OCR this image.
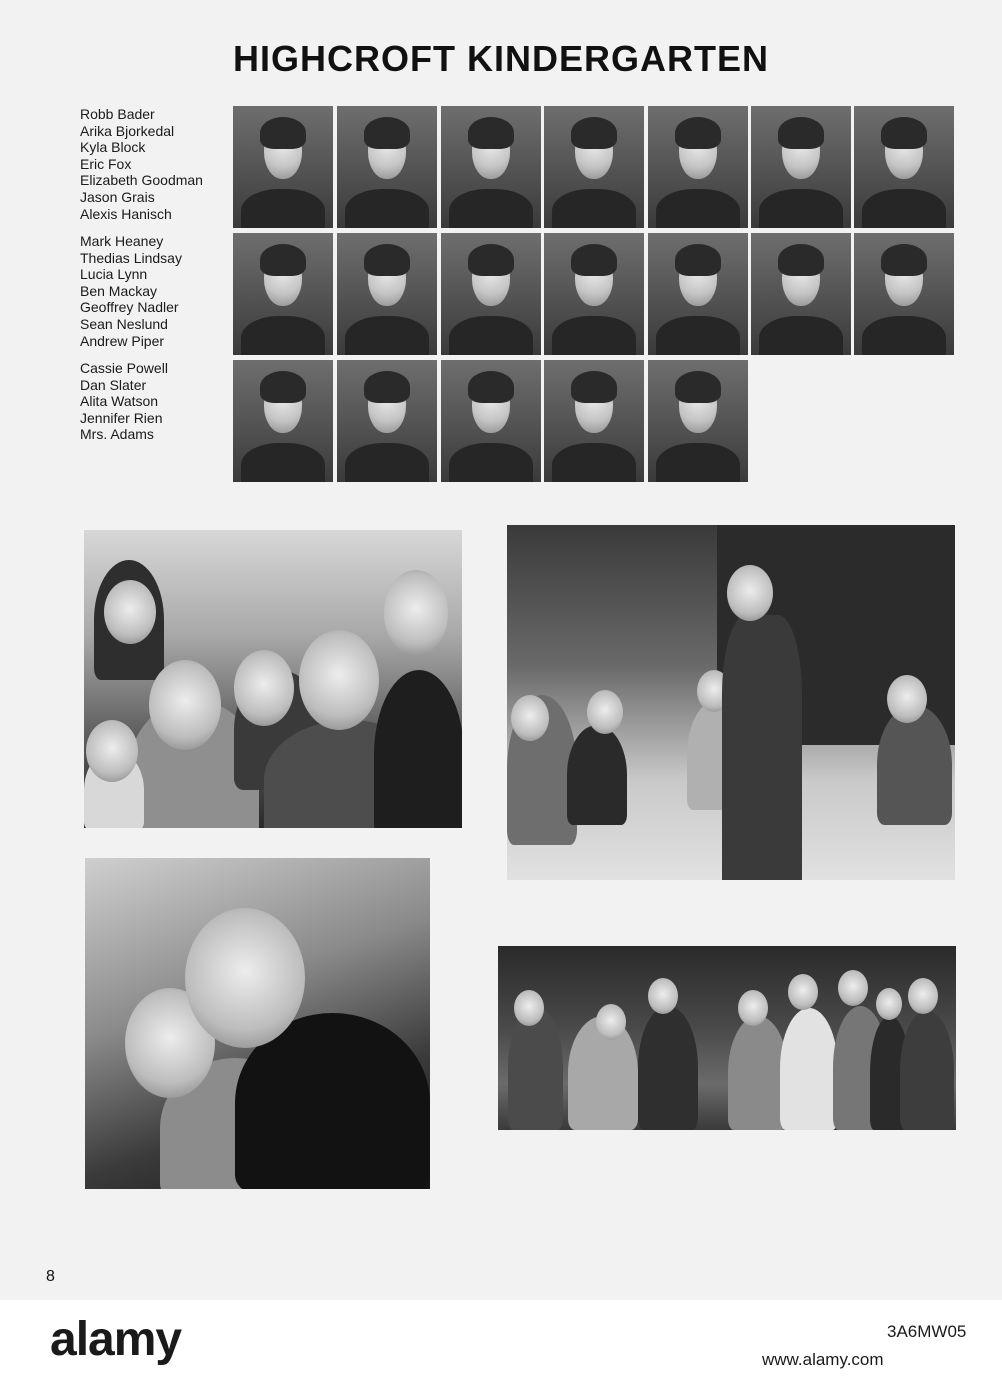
HIGHCROFT KINDERGARTEN
Robb Bader
Arika Bjorkedal
Kyla Block
Eric Fox
Elizabeth Goodman
Jason Grais
Alexis Hanisch
Mark Heaney
Thedias Lindsay
Lucia Lynn
Ben Mackay
Geoffrey Nadler
Sean Neslund
Andrew Piper
Cassie Powell
Dan Slater
Alita Watson
Jennifer Rien
Mrs. Adams
8
alamy	3A6MW05
www.alamy.com
